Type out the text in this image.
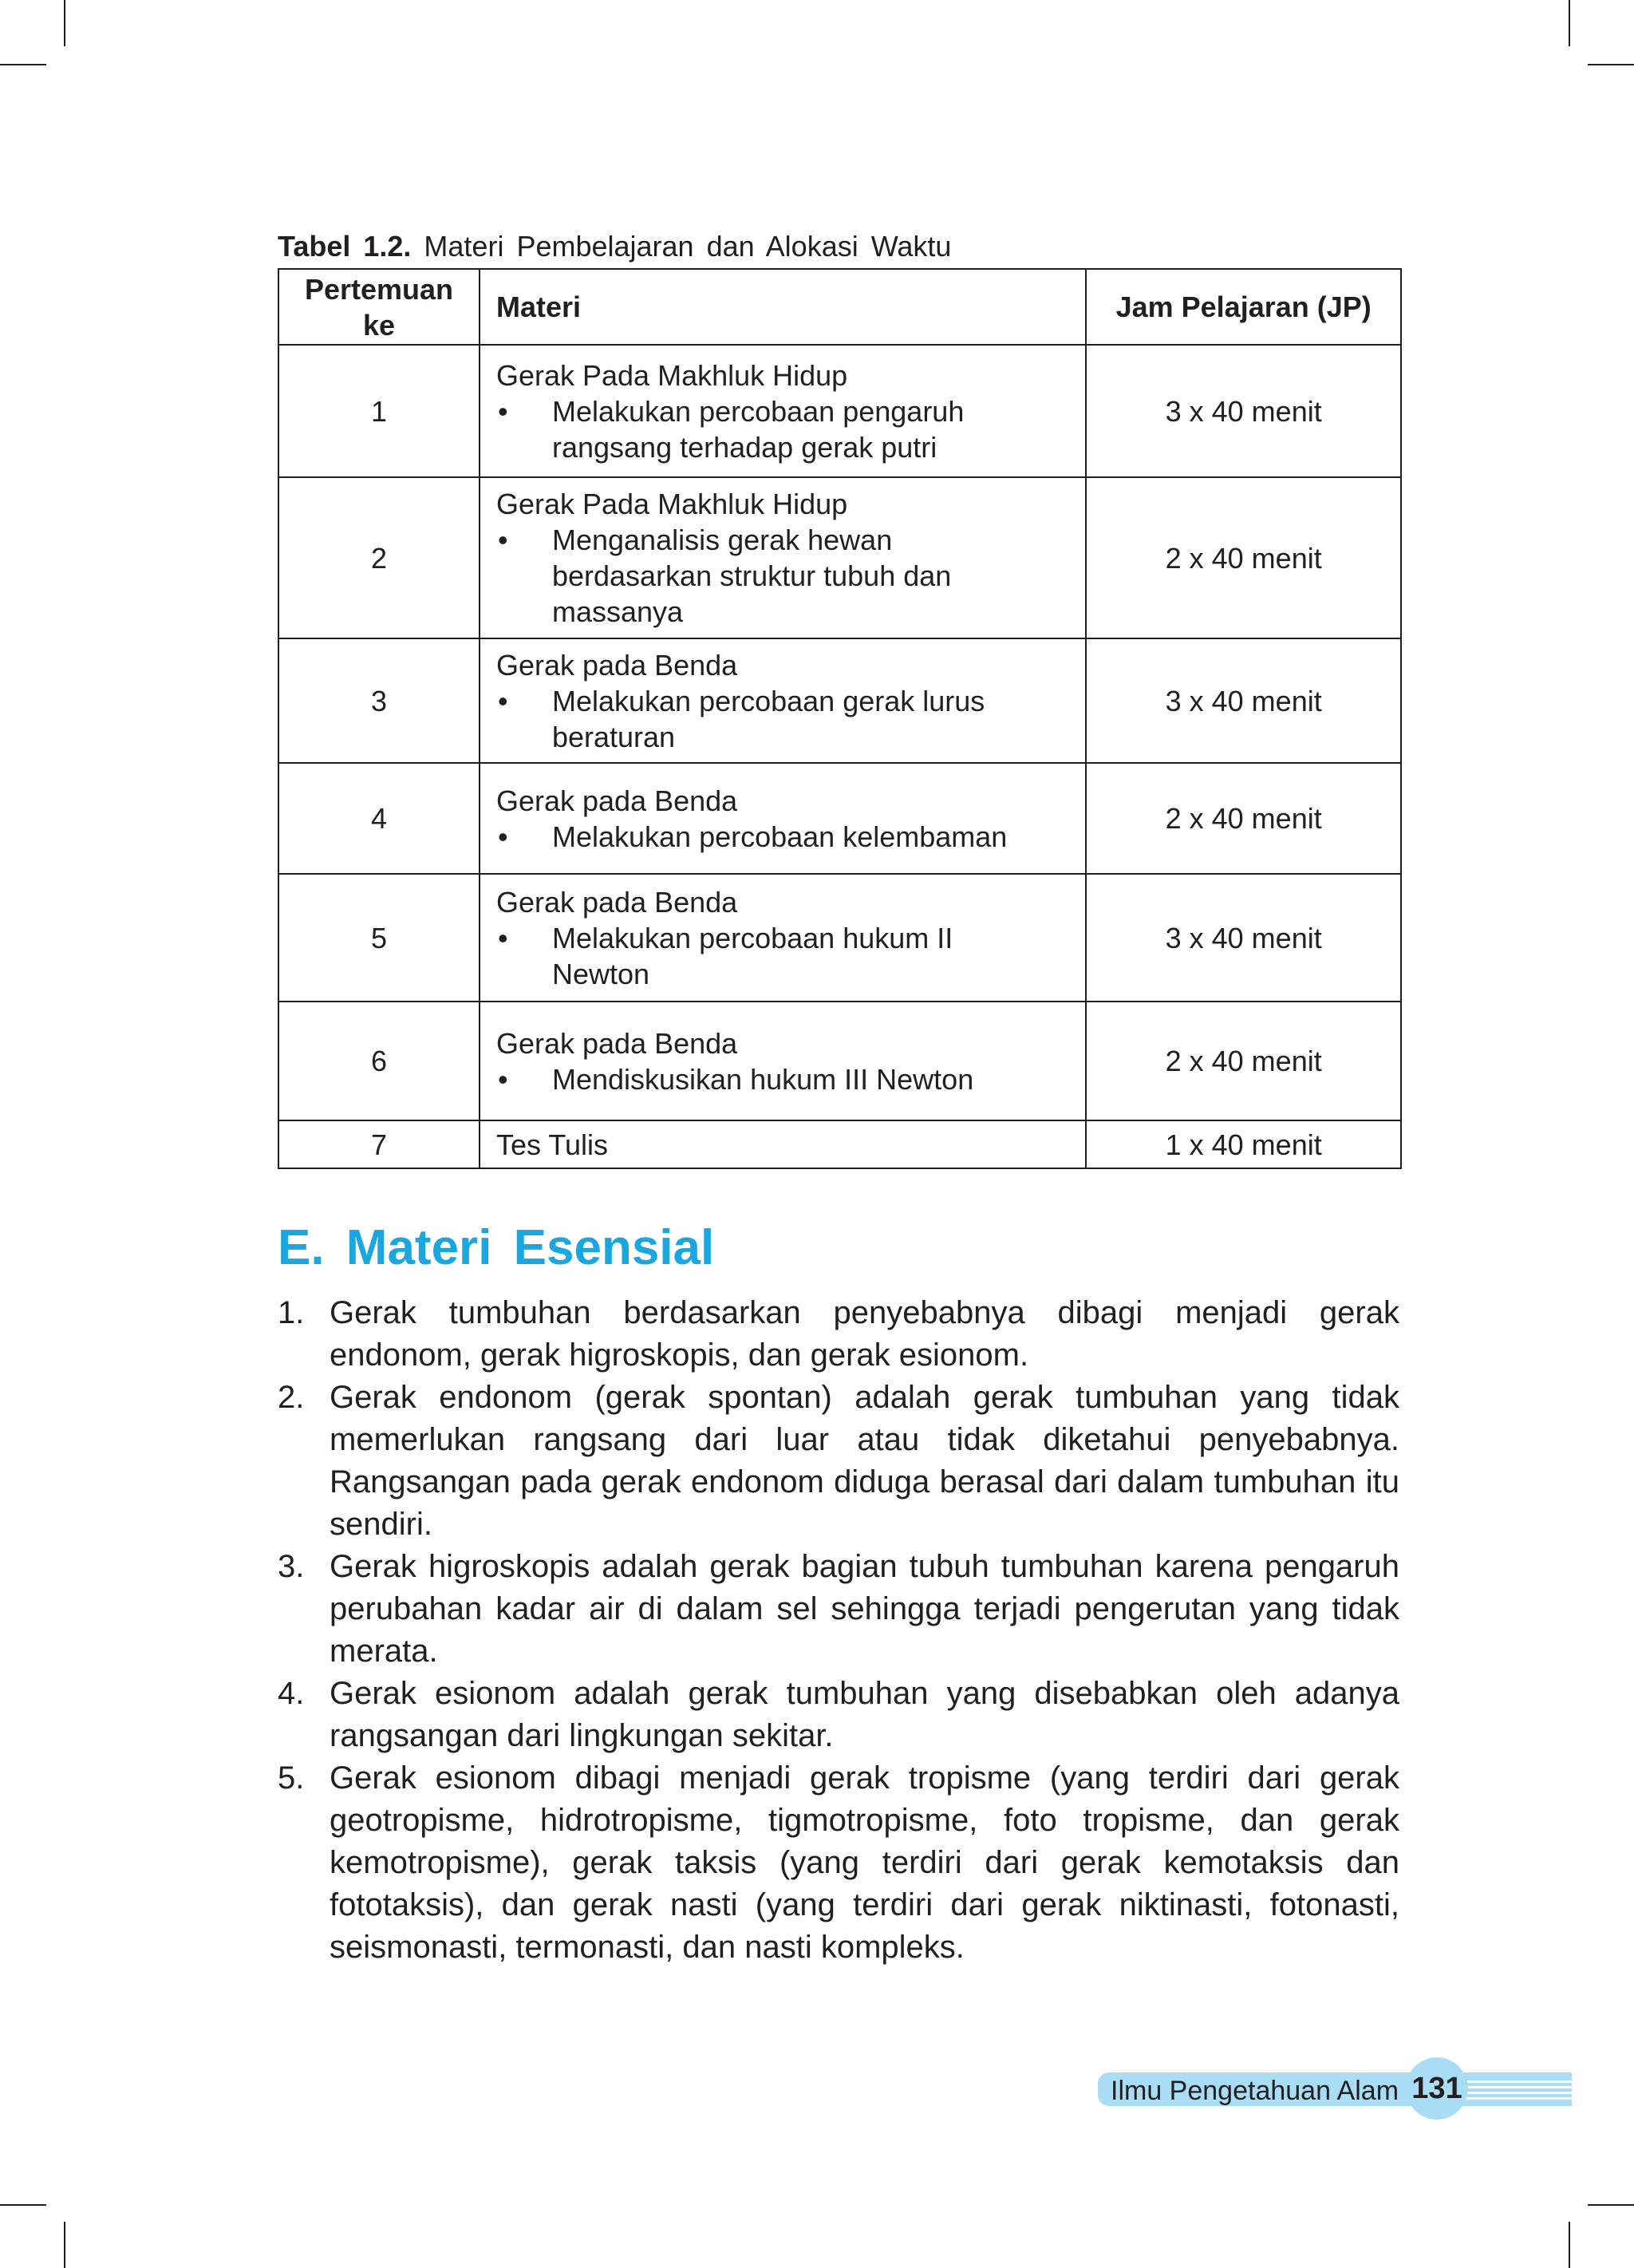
Tabel 1.2. Materi Pembelajaran dan Alokasi Waktu
Pertemuan
ke	Materi	Jam Pelajaran (JP)
1	Gerak Pada Makhluk Hidup
• Melakukan percobaan pengaruh
rangsang terhadap gerak putri	3 x 40 menit
2	Gerak Pada Makhluk Hidup
• Menganalisis gerak hewan
berdasarkan struktur tubuh dan
massanya	2 x 40 menit
3	Gerak pada Benda
• Melakukan percobaan gerak lurus
beraturan	3 x 40 menit
4	Gerak pada Benda
• Melakukan percobaan kelembaman	2 x 40 menit
5	Gerak pada Benda
• Melakukan percobaan hukum II
Newton	3 x 40 menit
6	Gerak pada Benda
• Mendiskusikan hukum III Newton	2 x 40 menit
7	Tes Tulis	1 x 40 menit
E. Materi Esensial
1. Gerak tumbuhan berdasarkan penyebabnya dibagi menjadi gerak endonom, gerak higroskopis, dan gerak esionom.
2. Gerak endonom (gerak spontan) adalah gerak tumbuhan yang tidak memerlukan rangsang dari luar atau tidak diketahui penyebabnya. Rangsangan pada gerak endonom diduga berasal dari dalam tumbuhan itu sendiri.
3. Gerak higroskopis adalah gerak bagian tubuh tumbuhan karena pengaruh perubahan kadar air di dalam sel sehingga terjadi pengerutan yang tidak merata.
4. Gerak esionom adalah gerak tumbuhan yang disebabkan oleh adanya rangsangan dari lingkungan sekitar.
5. Gerak esionom dibagi menjadi gerak tropisme (yang terdiri dari gerak geotropisme, hidrotropisme, tigmotropisme, foto tropisme, dan gerak kemotropisme), gerak taksis (yang terdiri dari gerak kemotaksis dan fototaksis), dan gerak nasti (yang terdiri dari gerak niktinasti, fotonasti, seismonasti, termonasti, dan nasti kompleks.
Ilmu Pengetahuan Alam 131
